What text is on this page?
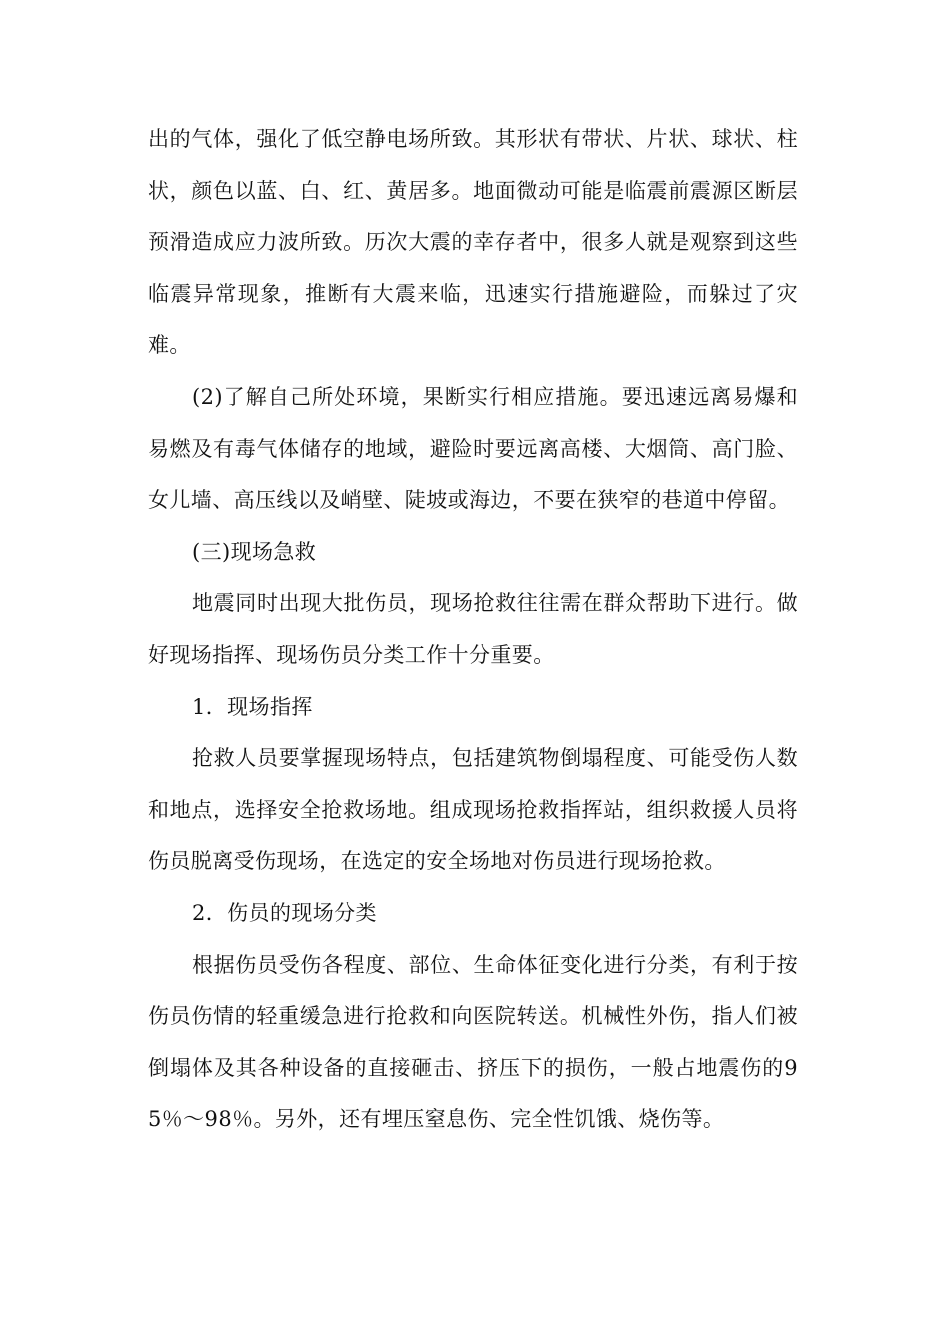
出的气体，强化了低空静电场所致。其形状有带状、片状、球状、柱状，颜色以蓝、白、红、黄居多。地面微动可能是临震前震源区断层预滑造成应力波所致。历次大震的幸存者中，很多人就是观察到这些临震异常现象，推断有大震来临，迅速实行措施避险，而躲过了灾难。

(2)了解自己所处环境，果断实行相应措施。要迅速远离易爆和易燃及有毒气体储存的地域，避险时要远离高楼、大烟筒、高门脸、女儿墙、高压线以及峭壁、陡坡或海边，不要在狭窄的巷道中停留。

(三)现场急救

地震同时出现大批伤员，现场抢救往往需在群众帮助下进行。做好现场指挥、现场伤员分类工作十分重要。

1．现场指挥

抢救人员要掌握现场特点，包括建筑物倒塌程度、可能受伤人数和地点，选择安全抢救场地。组成现场抢救指挥站，组织救援人员将伤员脱离受伤现场，在选定的安全场地对伤员进行现场抢救。

2．伤员的现场分类

根据伤员受伤各程度、部位、生命体征变化进行分类，有利于按伤员伤情的轻重缓急进行抢救和向医院转送。机械性外伤，指人们被倒塌体及其各种设备的直接砸击、挤压下的损伤，一般占地震伤的95％～98％。另外，还有埋压窒息伤、完全性饥饿、烧伤等。
